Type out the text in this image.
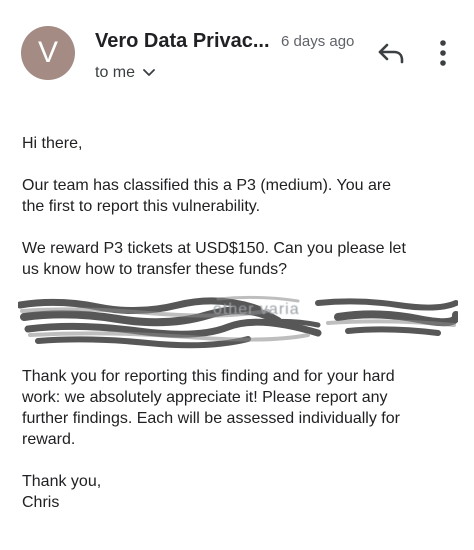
V Vero Data Privac... 6 days ago
to me

Hi there,

Our team has classified this a P3 (medium). You are
the first to report this vulnerability.

We reward P3 tickets at USD$150. Can you please let
us know how to transfer these funds?

other varia

Thank you for reporting this finding and for your hard
work: we absolutely appreciate it! Please report any
further findings. Each will be assessed individually for
reward.

Thank you,

Chris
